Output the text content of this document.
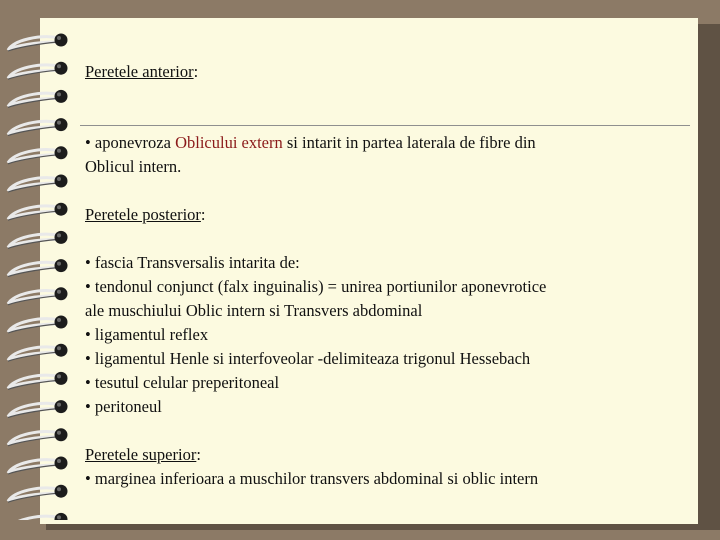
Peretele anterior:
• aponevroza Oblicului extern si intarit in partea laterala de fibre din
Oblicul intern.
Peretele posterior:
• fascia Transversalis intarita de:
• tendonul conjunct (falx inguinalis) = unirea portiunilor aponevrotice
ale muschiului Oblic intern si Transvers abdominal
• ligamentul reflex
• ligamentul Henle si interfoveolar -delimiteaza trigonul Hessebach
• tesutul celular preperitoneal
• peritoneul
Peretele superior:
• marginea inferioara a muschilor transvers abdominal si oblic intern
